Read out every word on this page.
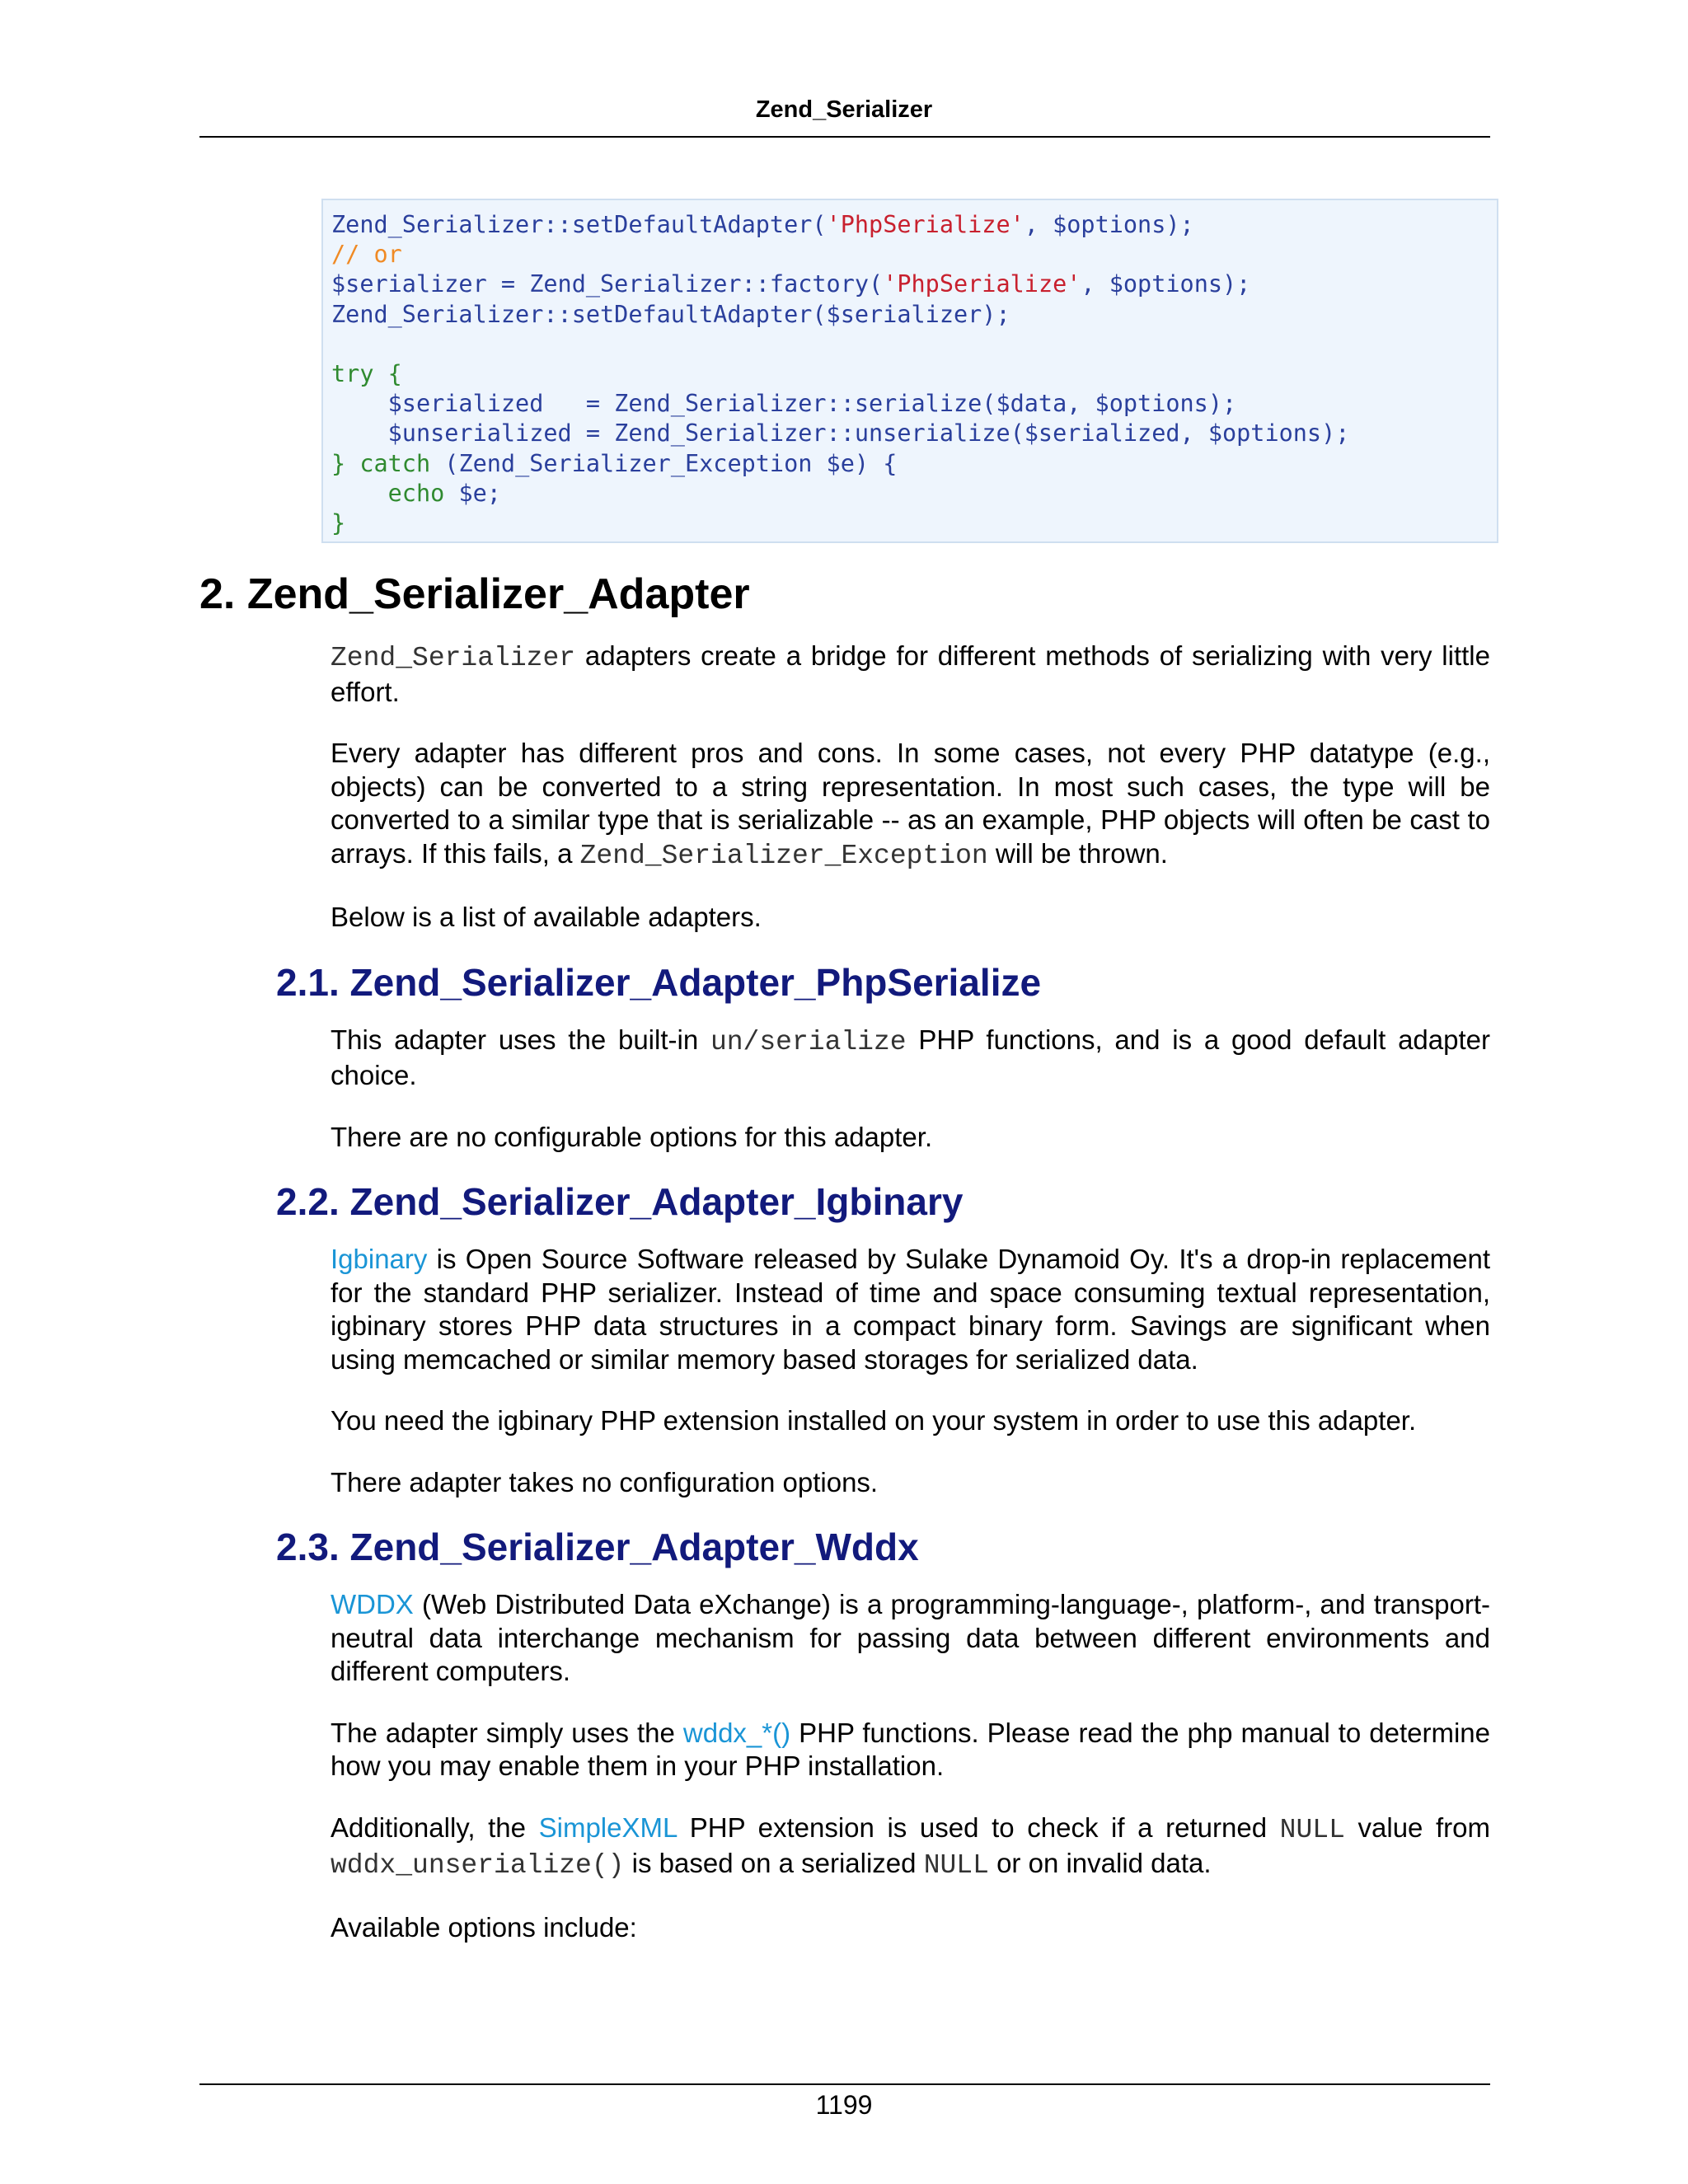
Zend_Serializer
Zend_Serializer::setDefaultAdapter('PhpSerialize', $options);
// or
$serializer = Zend_Serializer::factory('PhpSerialize', $options);
Zend_Serializer::setDefaultAdapter($serializer);

try {
$serialized   = Zend_Serializer::serialize($data, $options);
$unserialized = Zend_Serializer::unserialize($serialized, $options);
} catch (Zend_Serializer_Exception $e) {
echo $e;
}
2. Zend_Serializer_Adapter

Zend_Serializer adapters create a bridge for different methods of serializing with very little effort.

Every adapter has different pros and cons. In some cases, not every PHP datatype (e.g., objects) can be converted to a string representation. In most such cases, the type will be converted to a similar type that is serializable -- as an example, PHP objects will often be cast to arrays. If this fails, a Zend_Serializer_Exception will be thrown.

Below is a list of available adapters.

2.1. Zend_Serializer_Adapter_PhpSerialize

This adapter uses the built-in un/serialize PHP functions, and is a good default adapter choice.

There are no configurable options for this adapter.

2.2. Zend_Serializer_Adapter_Igbinary

Igbinary is Open Source Software released by Sulake Dynamoid Oy. It's a drop-in replacement for the standard PHP serializer. Instead of time and space consuming textual representation, igbinary stores PHP data structures in a compact binary form. Savings are significant when using memcached or similar memory based storages for serialized data.

You need the igbinary PHP extension installed on your system in order to use this adapter.

There adapter takes no configuration options.

2.3. Zend_Serializer_Adapter_Wddx

WDDX (Web Distributed Data eXchange) is a programming-language-, platform-, and transport-neutral data interchange mechanism for passing data between different environments and different computers.

The adapter simply uses the wddx_*() PHP functions. Please read the php manual to determine how you may enable them in your PHP installation.

Additionally, the SimpleXML PHP extension is used to check if a returned NULL value from wddx_unserialize() is based on a serialized NULL or on invalid data.

Available options include:

1199
